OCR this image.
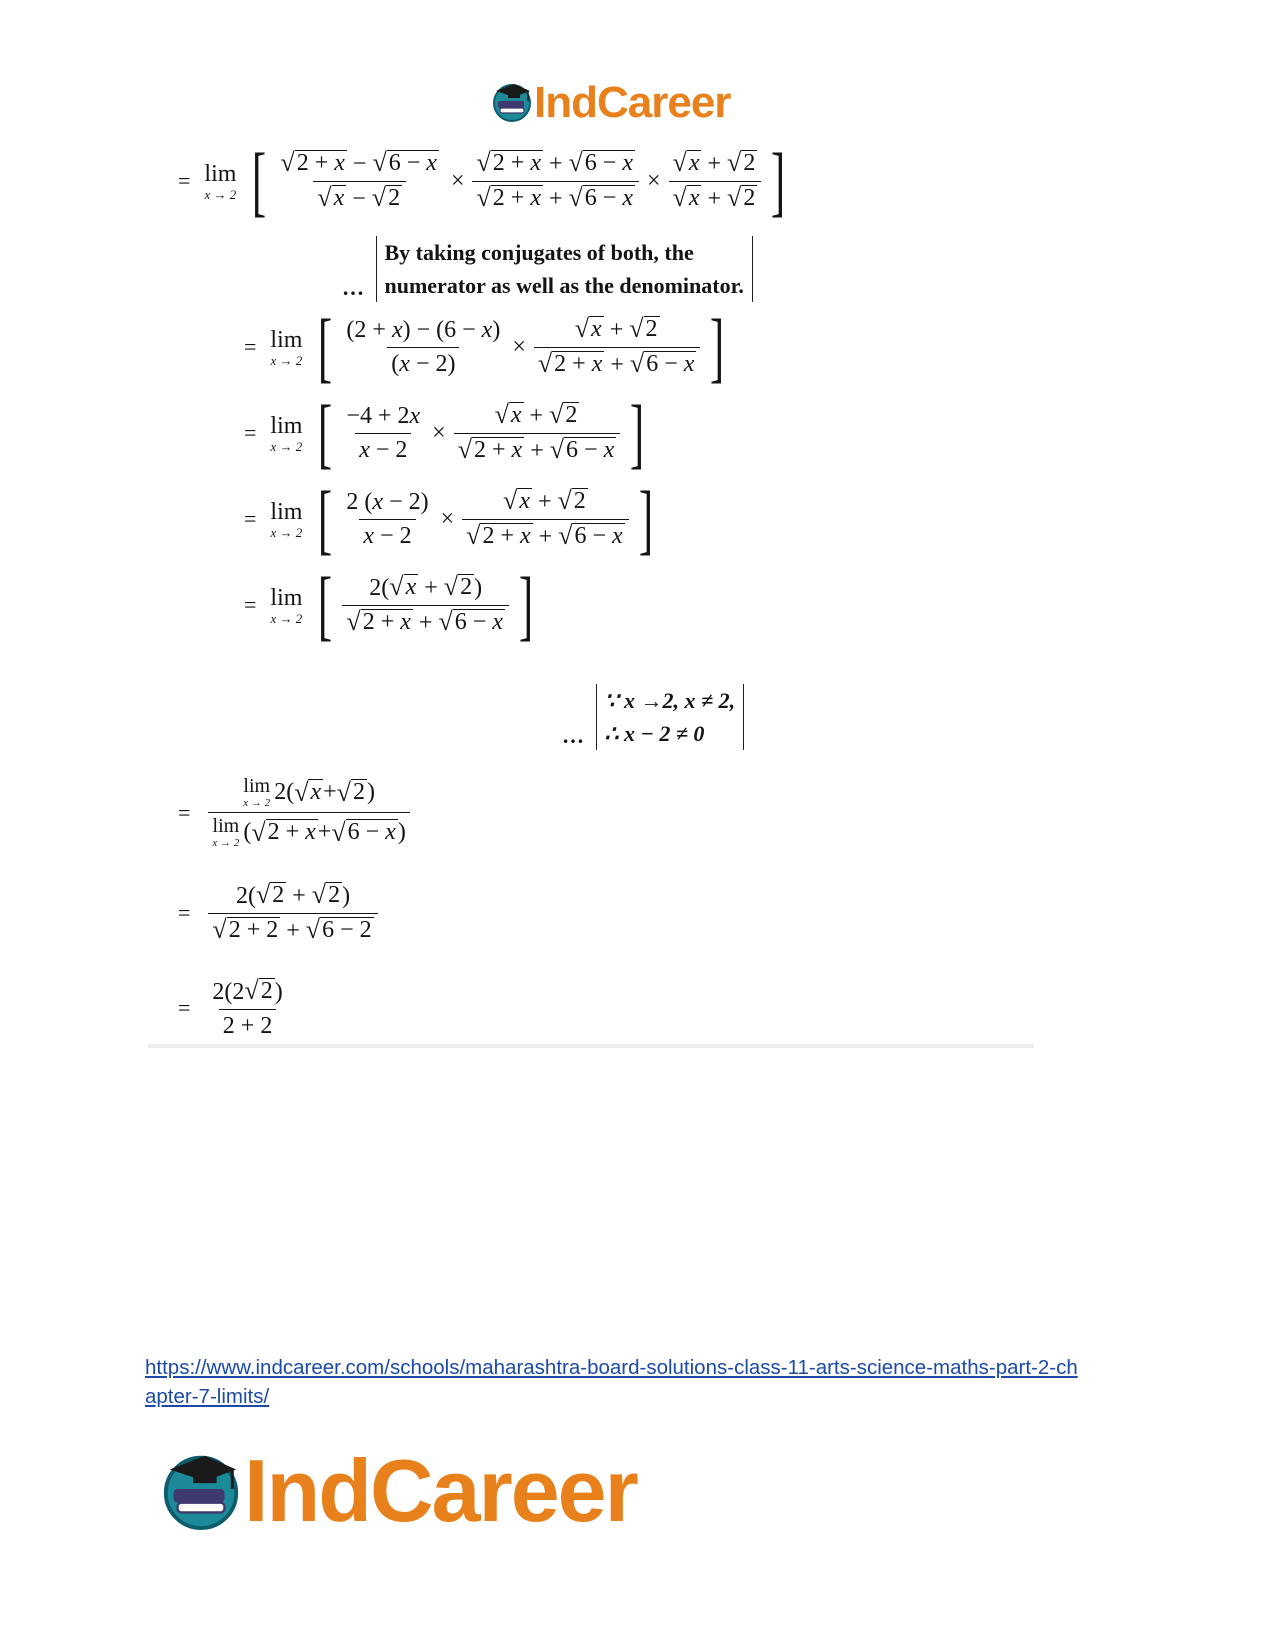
IndCareer
= lim
x → 2 [ $\frac{√ 2 + x - √ 6 - x}{√ x - √ 2} \times \frac{√ 2 + x + √ 6 - x}{√ 2 + x + √ 6 - x} \times \frac{√ x + √ 2}{√ x + √ 2}$ ]
… By taking conjugates of both, the
numerator as well as the denominator.
= lim
x → 2 [ $\frac{(2 + x) - (6 - x)}{(x - 2)} \times \frac{√ x + √ 2}{√ 2 + x + √ 6 - x}$ ]
= lim
x → 2 [ $\frac{-4 + 2x}{x - 2} \times \frac{√ x + √ 2}{√ 2 + x + √ 6 - x}$ ]
= lim
x → 2 [ $\frac{2 (x - 2)}{x - 2} \times \frac{√ x + √ 2}{√ 2 + x + √ 6 - x}$ ]
= lim
x → 2 [ $\frac{2( √ x + √ 2 )}{√ 2 + x + √ 6 - x}$ ]
… ∵ x →2, x ≠ 2,
∴ x − 2 ≠ 0
= lim
x → 2 2( √ x + √ 2 )
lim
x → 2 ( √ 2 + x + √ 6 − x )
= $\frac{2( √ 2 + √ 2 )}{√ 2 + 2 + √ 6 - 2}$
= $\frac{2(2 √ 2 )}{2 + 2}$
https://www.indcareer.com/schools/maharashtra-board-solutions-class-11-arts-science-maths-part-2-chapter-7-limits/
IndCareer
